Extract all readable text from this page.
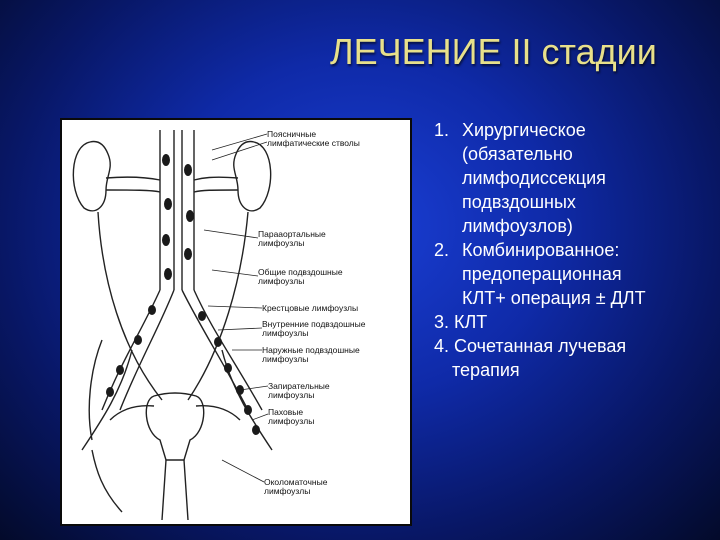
ЛЕЧЕНИЕ II стадии
Поясничные
лимфатические стволы
Парааортальные
лимфоузлы
Общие подвздошные
лимфоузлы
Крестцовые лимфоузлы
Внутренние подвздошные
лимфоузлы
Наружные подвздошные
лимфоузлы
Запирательные
лимфоузлы
Паховые
лимфоузлы
Околоматочные
лимфоузлы
1. Хирургическое
(обязательно
лимфодиссекция
подвздошных
лимфоузлов)
2. Комбинированное:
предоперационная
КЛТ+ операция ± ДЛТ
3. КЛТ
4. Сочетанная лучевая
терапия
